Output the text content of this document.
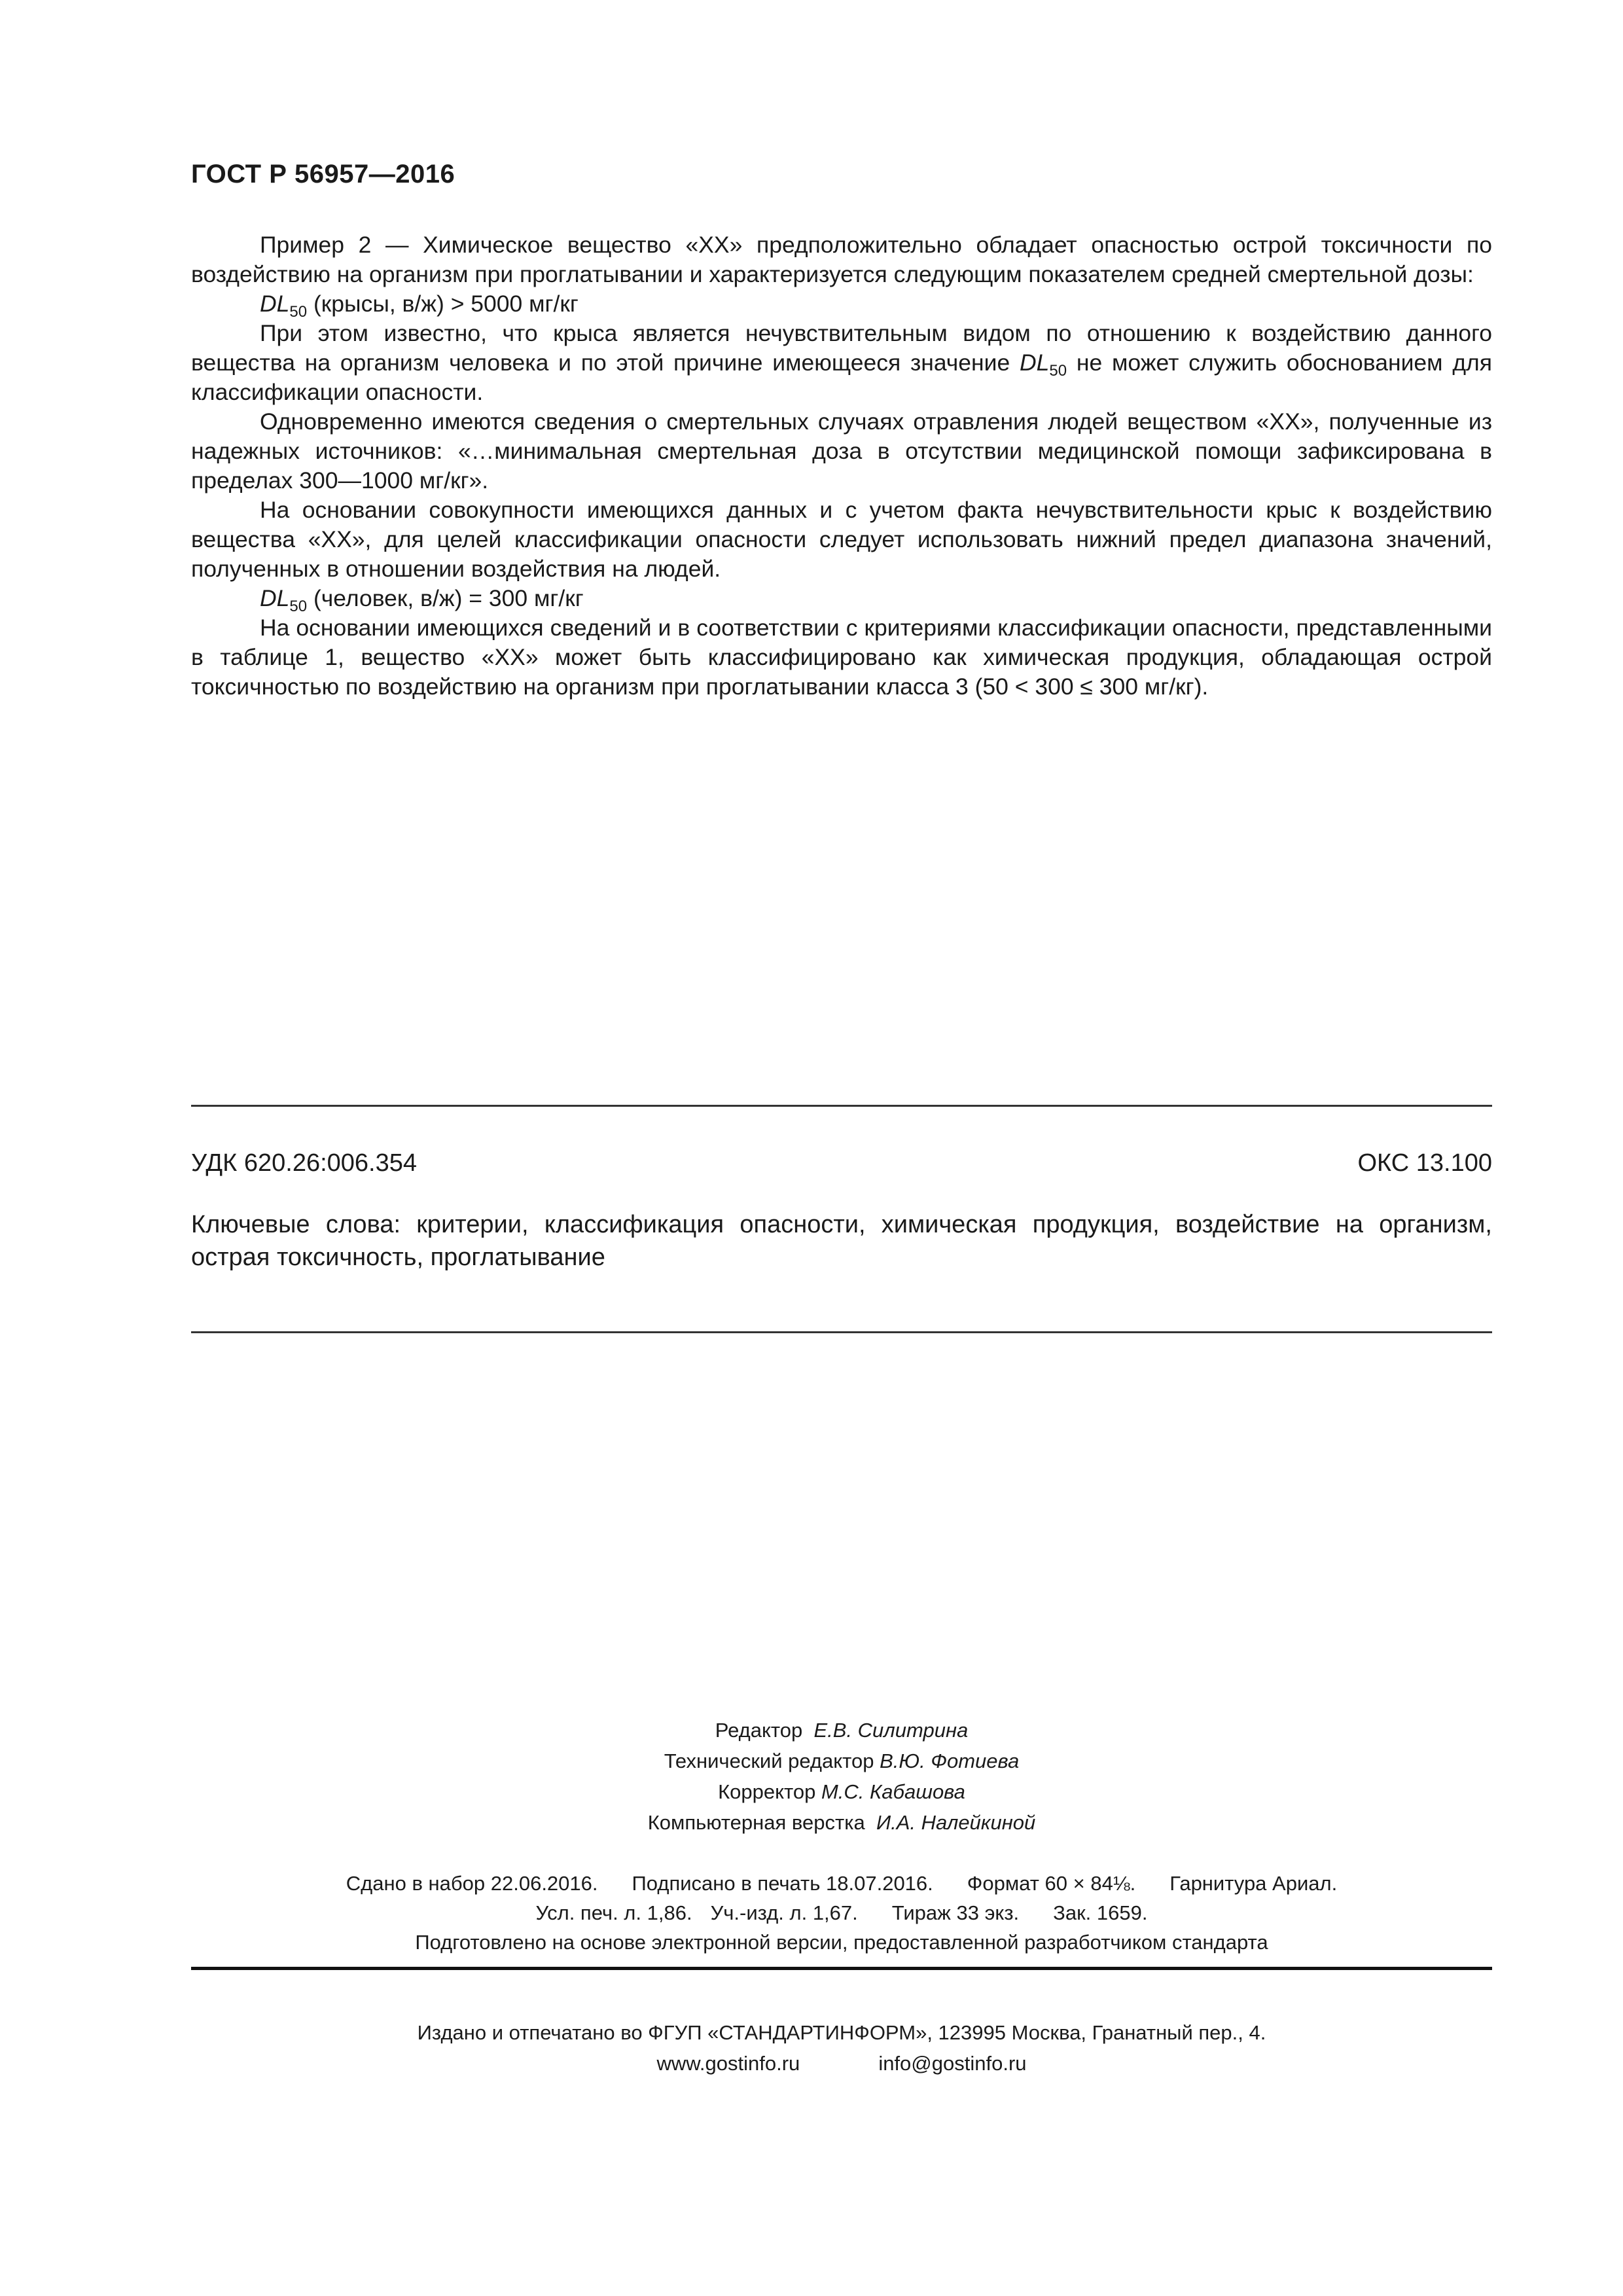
ГОСТ Р 56957—2016

Пример 2 — Химическое вещество «XX» предположительно обладает опасностью острой токсичности по воздействию на организм при проглатывании и характеризуется следующим показателем средней смертельной дозы:

$DL_{50}$ (крысы, в/ж) > 5000 мг/кг

При этом известно, что крыса является нечувствительным видом по отношению к воздействию данного вещества на организм человека и по этой причине имеющееся значение $DL_{50}$ не может служить обоснованием для классификации опасности.

Одновременно имеются сведения о смертельных случаях отравления людей веществом «XX», полученные из надежных источников: «…минимальная смертельная доза в отсутствии медицинской помощи зафиксирована в пределах 300—1000 мг/кг».

На основании совокупности имеющихся данных и с учетом факта нечувствительности крыс к воздействию вещества «XX», для целей классификации опасности следует использовать нижний предел диапазона значений, полученных в отношении воздействия на людей.

$DL_{50}$ (человек, в/ж) = 300 мг/кг

На основании имеющихся сведений и в соответствии с критериями классификации опасности, представленными в таблице 1, вещество «XX» может быть классифицировано как химическая продукция, обладающая острой токсичностью по воздействию на организм при проглатывании класса 3 (50 < 300 ≤ 300 мг/кг).

УДК 620.26:006.354	ОКС 13.100
Ключевые слова: критерии, классификация опасности, химическая продукция, воздействие на организм, острая токсичность, проглатывание
Редактор Е.В. Силитрина
Технический редактор В.Ю. Фотиева
Корректор М.С. Кабашова
Компьютерная верстка И.А. Налейкиной
Сдано в набор 22.06.2016. Подписано в печать 18.07.2016. Формат 60 × 84⅛. Гарнитура Ариал.
Усл. печ. л. 1,86. Уч.-изд. л. 1,67. Тираж 33 экз. Зак. 1659.
Подготовлено на основе электронной версии, предоставленной разработчиком стандарта
Издано и отпечатано во ФГУП «СТАНДАРТИНФОРМ», 123995 Москва, Гранатный пер., 4.
www.gostinfo.ru	info@gostinfo.ru
